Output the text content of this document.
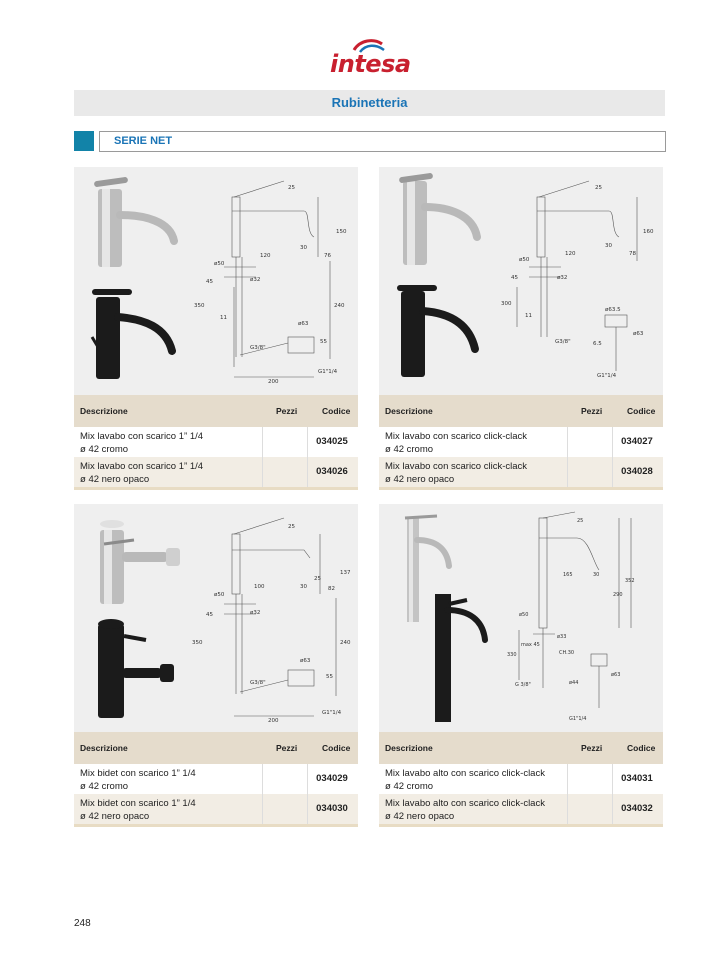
intesa
Rubinetteria
SERIE NET
25
120
30
150
76
ø50
ø32
45
350	240
11
ø63
55
G3/8"
200
G1"1/4
Descrizione	Pezzi	Codice
Mix lavabo con scarico 1” 1/4
ø 42 cromo
034025
Mix lavabo con scarico 1” 1/4
ø 42 nero opaco
034026
25
120
30
160
78
ø50
ø32
45
300
11
G3/8"
ø63.5
ø63
6.5
G1"1/4
Descrizione	Pezzi	Codice
Mix lavabo con scarico click-clack
ø 42 cromo
034027
Mix lavabo con scarico click-clack
ø 42 nero opaco
034028
25
100	30
25
137
82
ø50
ø32
45
350	240
ø63
55
G3/8"
200
G1"1/4
Descrizione	Pezzi	Codice
Mix bidet con scarico 1” 1/4
ø 42 cromo
034029
Mix bidet con scarico 1” 1/4
ø 42 nero opaco
034030
25
165	30
290
352
ø50
ø33
330
max 45
CH.30
G 3/8"
ø63
ø44
G1"1/4
Descrizione	Pezzi	Codice
Mix lavabo alto con scarico click-clack
ø 42 cromo
034031
Mix lavabo alto con scarico click-clack
ø 42 nero opaco
034032
248
